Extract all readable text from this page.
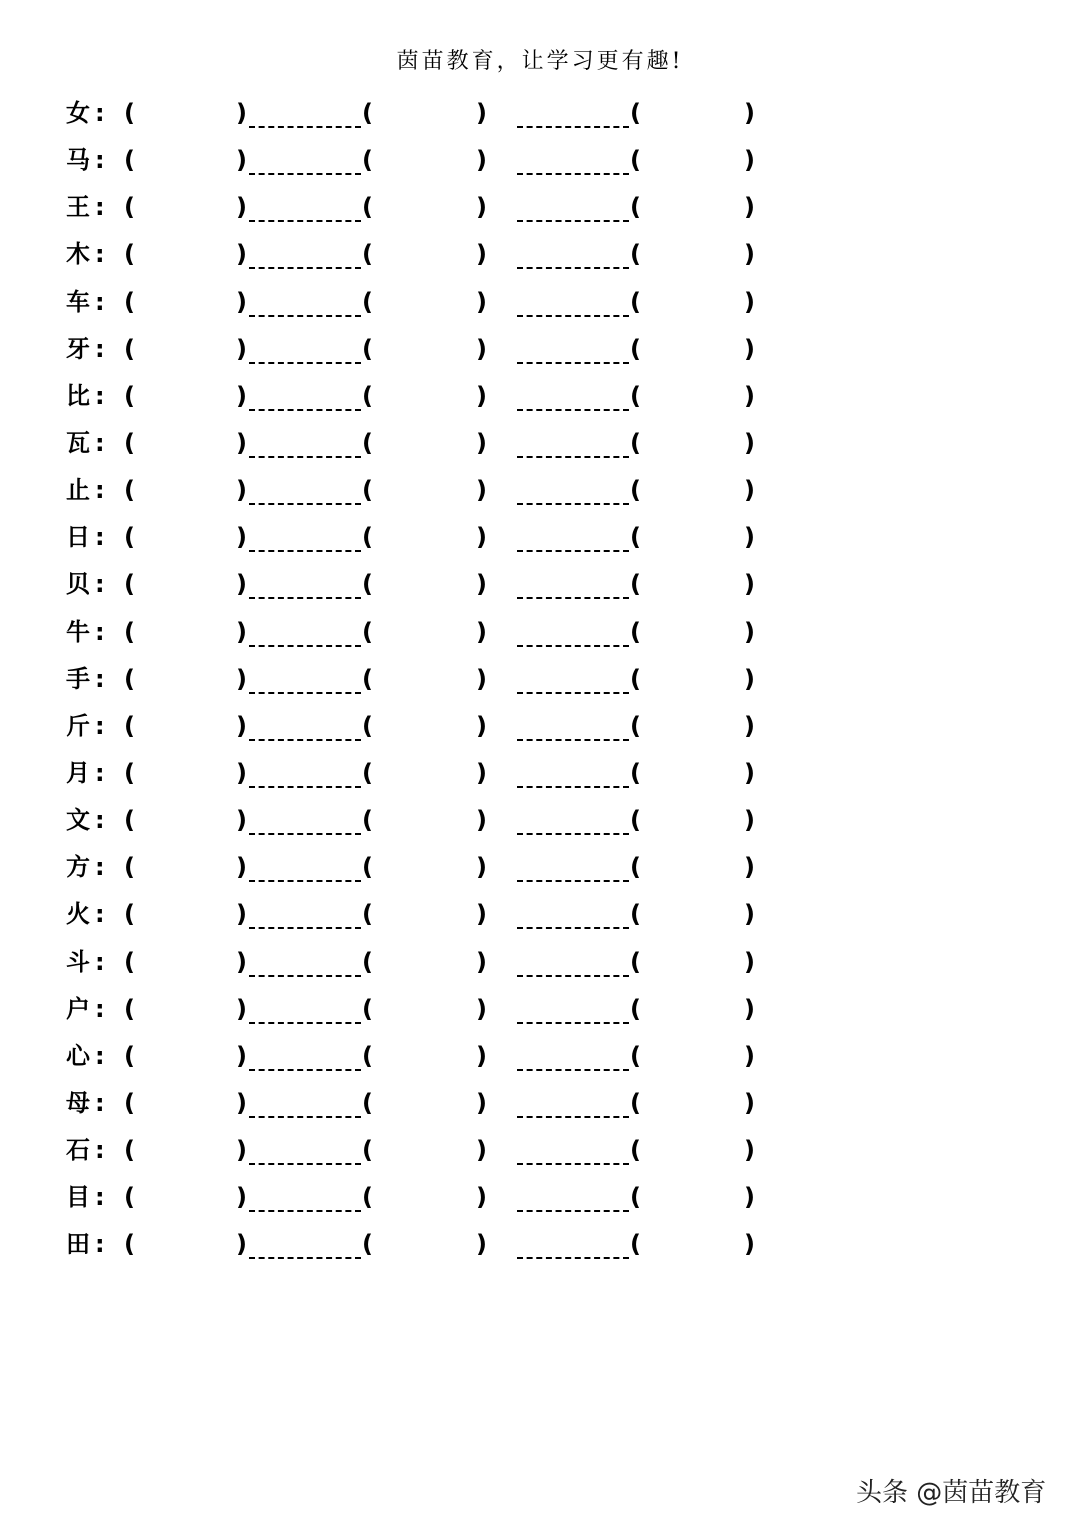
茵苗教育，让学习更有趣!
女 : (	)	(	)	(	)
马 : (	)	(	)	(	)
王 : (	)	(	)	(	)
木 : (	)	(	)	(	)
车 : (	)	(	)	(	)
牙 : (	)	(	)	(	)
比 : (	)	(	)	(	)
瓦 : (	)	(	)	(	)
止 : (	)	(	)	(	)
日 : (	)	(	)	(	)
贝 : (	)	(	)	(	)
牛 : (	)	(	)	(	)
手 : (	)	(	)	(	)
斤 : (	)	(	)	(	)
月 : (	)	(	)	(	)
文 : (	)	(	)	(	)
方 : (	)	(	)	(	)
火 : (	)	(	)	(	)
斗 : (	)	(	)	(	)
户 : (	)	(	)	(	)
心 : (	)	(	)	(	)
母 : (	)	(	)	(	)
石 : (	)	(	)	(	)
目 : (	)	(	)	(	)
田 : (	)	(	)	(	)
头条 @茵苗教育
